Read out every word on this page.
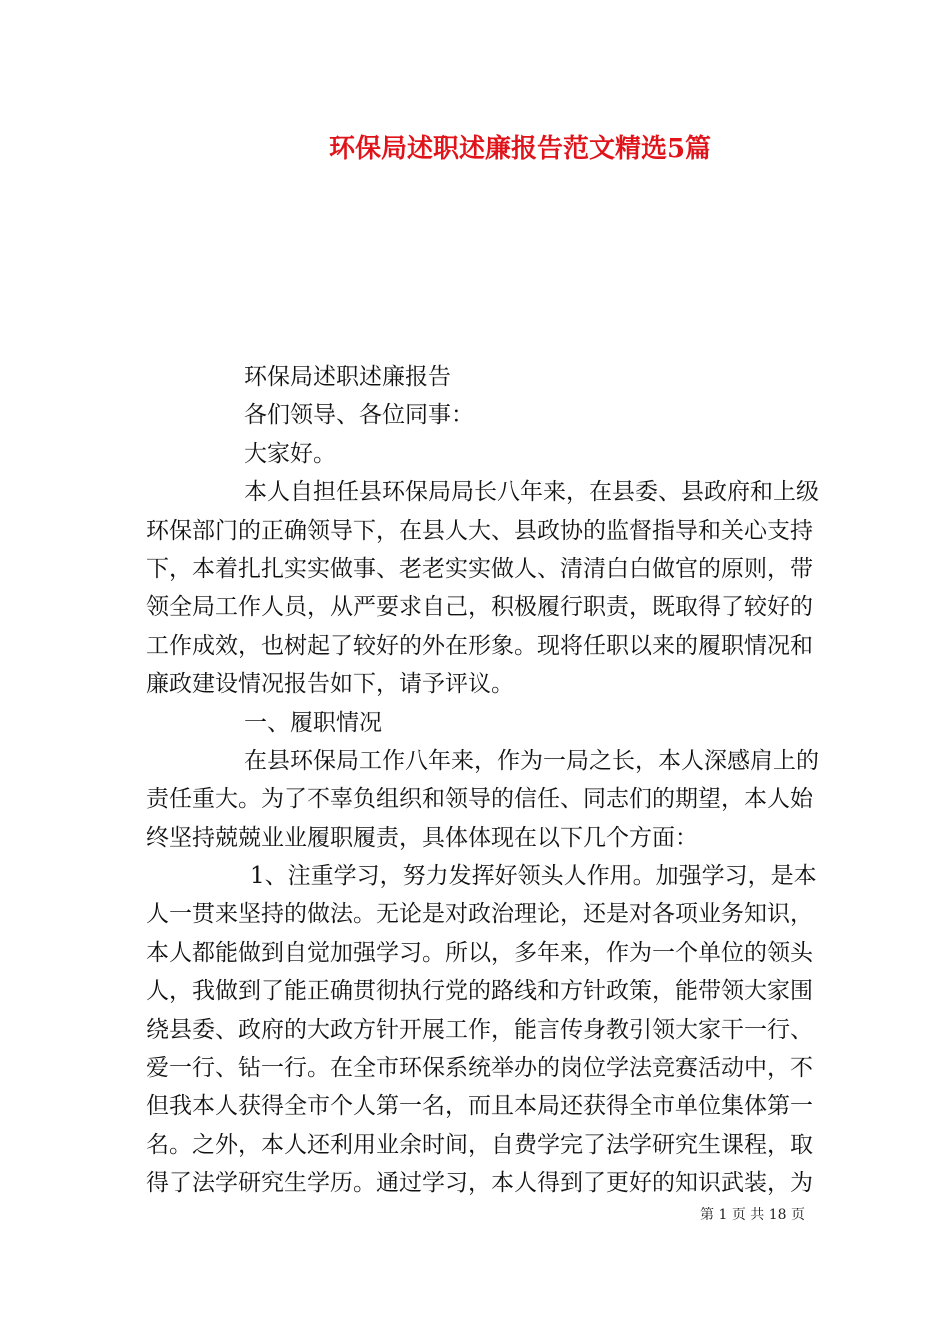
环保局述职述廉报告范文精选5篇
环保局述职述廉报告
各们领导、各位同事：
大家好。
本人自担任县环保局局长八年来，在县委、县政府和上级
环保部门的正确领导下，在县人大、县政协的监督指导和关心支持
下，本着扎扎实实做事、老老实实做人、清清白白做官的原则，带
领全局工作人员，从严要求自己，积极履行职责，既取得了较好的
工作成效，也树起了较好的外在形象。现将任职以来的履职情况和
廉政建设情况报告如下，请予评议。
一、履职情况
在县环保局工作八年来，作为一局之长，本人深感肩上的
责任重大。为了不辜负组织和领导的信任、同志们的期望，本人始
终坚持兢兢业业履职履责，具体体现在以下几个方面：
1、注重学习，努力发挥好领头人作用。加强学习，是本
人一贯来坚持的做法。无论是对政治理论，还是对各项业务知识，
本人都能做到自觉加强学习。所以，多年来，作为一个单位的领头
人，我做到了能正确贯彻执行党的路线和方针政策，能带领大家围
绕县委、政府的大政方针开展工作，能言传身教引领大家干一行、
爱一行、钻一行。在全市环保系统举办的岗位学法竞赛活动中，不
但我本人获得全市个人第一名，而且本局还获得全市单位集体第一
名。之外，本人还利用业余时间，自费学完了法学研究生课程，取
得了法学研究生学历。通过学习，本人得到了更好的知识武装，为
第 1 页 共 18 页
